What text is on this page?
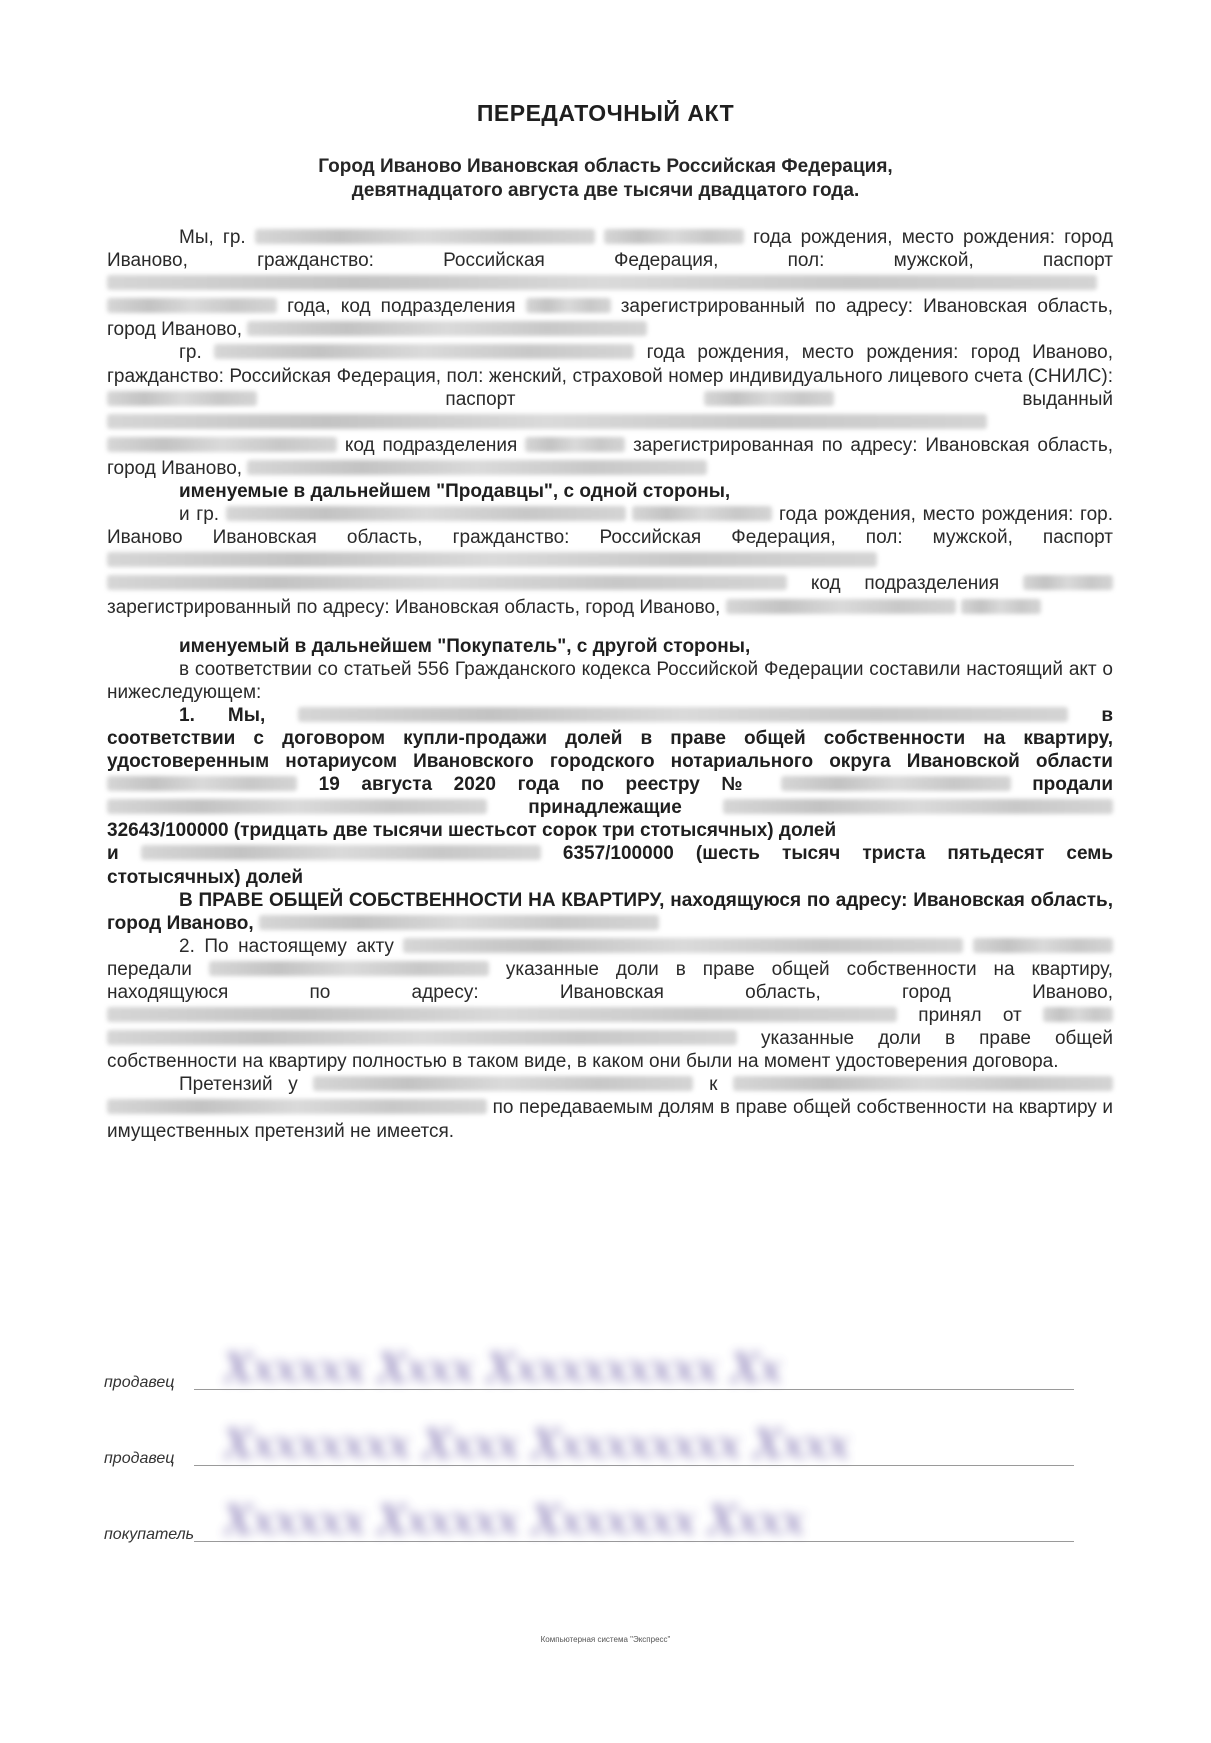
ПЕРЕДАТОЧНЫЙ АКТ
Город Иваново Ивановская область Российская Федерация,
девятнадцатого августа две тысячи двадцатого года.

Мы, гр.	года рождения, место рождения: город Иваново, гражданство: Российская Федерация, пол: мужской, паспорт   года, код подразделения	зарегистрированный по адресу: Ивановская область, город Иваново,

гр.	года рождения, место рождения: город Иваново, гражданство: Российская Федерация, пол: женский, страховой номер индивидуального лицевого счета (СНИЛС):  паспорт	выданный   код подразделения	зарегистрированная по адресу: Ивановская область, город Иваново,

именуемые в дальнейшем "Продавцы", с одной стороны,

и гр.	года рождения, место рождения: гор. Иваново Ивановская область, гражданство: Российская Федерация, пол: мужской, паспорт   код подразделения  зарегистрированный по адресу: Ивановская область, город Иваново,

именуемый в дальнейшем "Покупатель", с другой стороны,

в соответствии со статьей 556 Гражданского кодекса Российской Федерации составили настоящий акт о нижеследующем:

1. Мы,	в соответствии с договором купли-продажи долей в праве общей собственности на квартиру, удостоверенным нотариусом Ивановского городского нотариального округа Ивановской области  19 августа 2020 года по реестру №	продали  принадлежащие  32643/100000 (тридцать две тысячи шестьсот сорок три стотысячных) долей
и	6357/100000 (шесть тысяч триста пятьдесят семь стотысячных) долей
В ПРАВЕ ОБЩЕЙ СОБСТВЕННОСТИ НА КВАРТИРУ, находящуюся по адресу: Ивановская область, город Иваново,

2. По настоящему акту   передали	указанные доли в праве общей собственности на квартиру, находящуюся по адресу: Ивановская область, город Иваново,  принял от   указанные доли в праве общей собственности на квартиру полностью в таком виде, в каком они были на момент удостоверения договора.

Претензий у	к   по передаваемым долям в праве общей собственности на квартиру и имущественных претензий не имеется.

продавец Хххххх Хххх Хххххххххх Хх
продавец Хххххххх Хххх Ххххххххх Хххх
покупатель Хххххх Хххххх Ххххххх Хххх
Компьютерная система "Экспресс"
